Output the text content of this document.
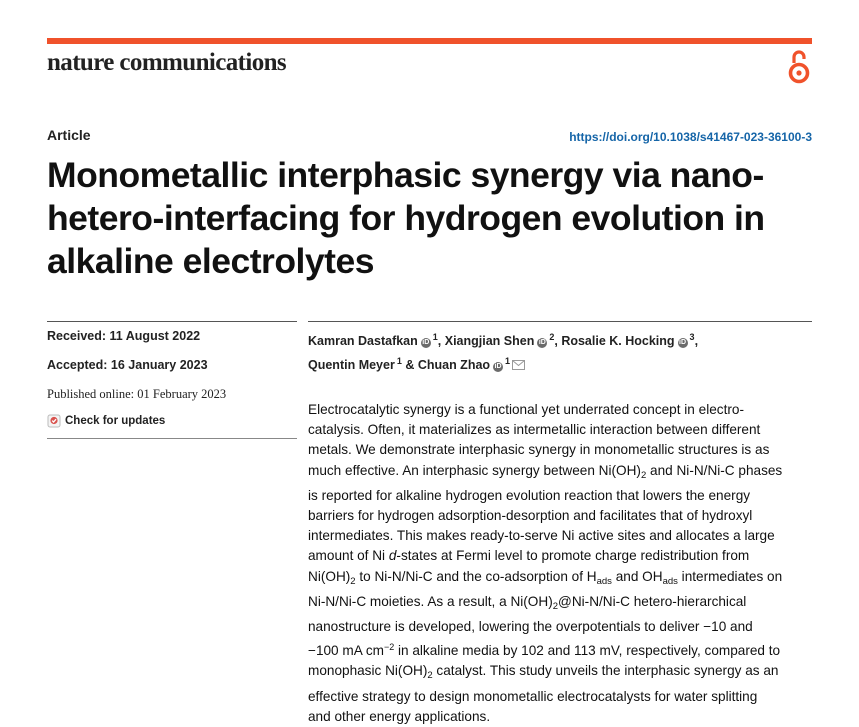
nature communications
Article	https://doi.org/10.1038/s41467-023-36100-3
Monometallic interphasic synergy via nano-hetero-interfacing for hydrogen evolution in alkaline electrolytes
Received: 11 August 2022
Accepted: 16 January 2023
Published online: 01 February 2023
Check for updates
Kamran Dastafkan iD$^1$, Xiangjian Shen iD$^2$, Rosalie K. Hocking iD$^3$,
Quentin Meyer $^1$ & Chuan Zhao iD$^1$
Electrocatalytic synergy is a functional yet underrated concept in electro-
catalysis. Often, it materializes as intermetallic interaction between different
metals. We demonstrate interphasic synergy in monometallic structures is as
much effective. An interphasic synergy between $Ni(OH)_2$ and Ni-N/Ni-C phases
is reported for alkaline hydrogen evolution reaction that lowers the energy
barriers for hydrogen adsorption-desorption and facilitates that of hydroxyl
intermediates. This makes ready-to-serve Ni active sites and allocates a large
amount of Ni d-states at Fermi level to promote charge redistribution from
$Ni(OH)_2$ to Ni-N/Ni-C and the co-adsorption of $H_{ads}$ and $OH_{ads}$ intermediates on
Ni-N/Ni-C moieties. As a result, a $Ni(OH)_2@Ni-N/Ni-C$ hetero-hierarchical
nanostructure is developed, lowering the overpotentials to deliver −10 and
−100 mA $cm^{-2}$ in alkaline media by 102 and 113 mV, respectively, compared to
monophasic $Ni(OH)_2$ catalyst. This study unveils the interphasic synergy as an
effective strategy to design monometallic electrocatalysts for water splitting
and other energy applications.
